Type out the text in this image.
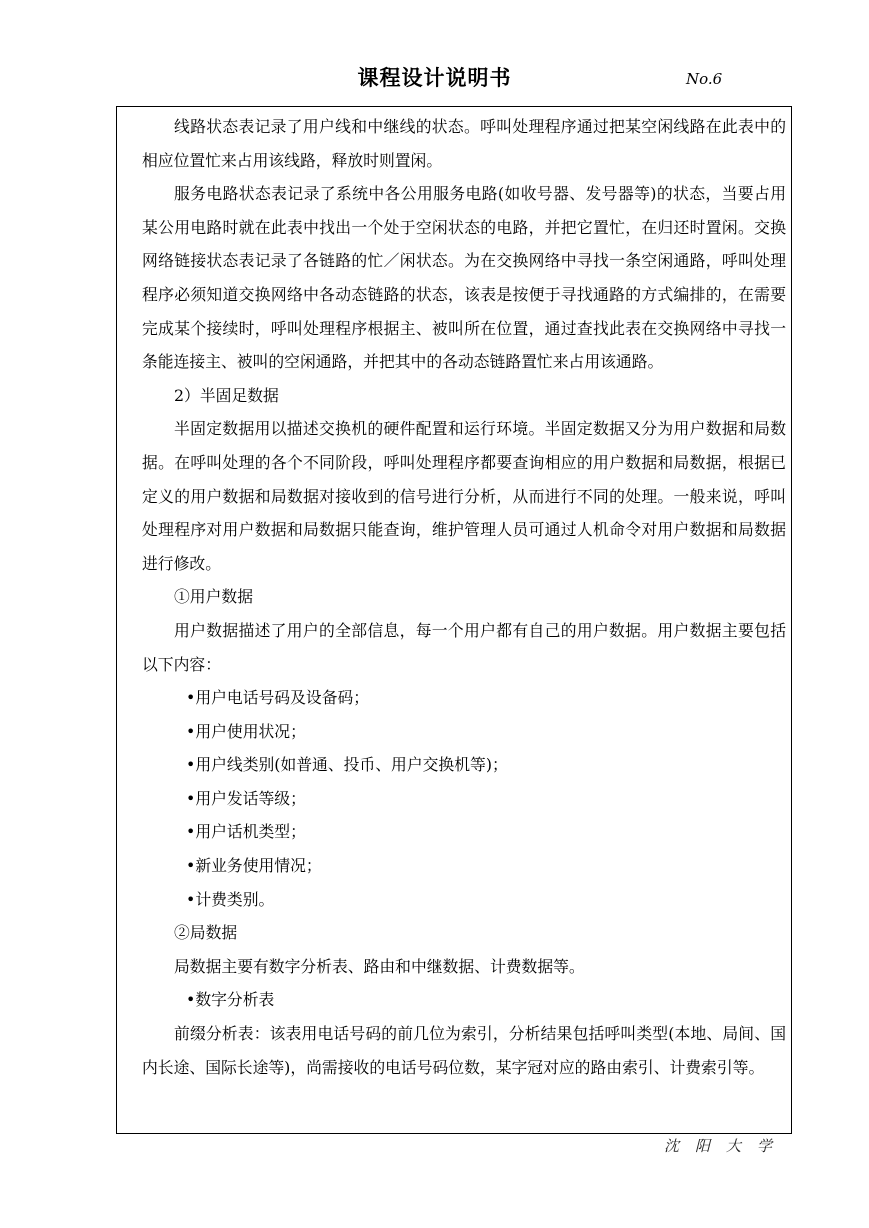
课程设计说明书	No.6

线路状态表记录了用户线和中继线的状态。呼叫处理程序通过把某空闲线路在此表中的相应位置忙来占用该线路，释放时则置闲。

服务电路状态表记录了系统中各公用服务电路(如收号器、发号器等)的状态，当要占用某公用电路时就在此表中找出一个处于空闲状态的电路，并把它置忙，在归还时置闲。交换网络链接状态表记录了各链路的忙／闲状态。为在交换网络中寻找一条空闲通路，呼叫处理程序必须知道交换网络中各动态链路的状态，该表是按便于寻找通路的方式编排的，在需要完成某个接续时，呼叫处理程序根据主、被叫所在位置，通过查找此表在交换网络中寻找一条能连接主、被叫的空闲通路，并把其中的各动态链路置忙来占用该通路。

2）半固足数据

半固定数据用以描述交换机的硬件配置和运行环境。半固定数据又分为用户数据和局数据。在呼叫处理的各个不同阶段，呼叫处理程序都要查询相应的用户数据和局数据，根据已定义的用户数据和局数据对接收到的信号进行分析，从而进行不同的处理。一般来说，呼叫处理程序对用户数据和局数据只能查询，维护管理人员可通过人机命令对用户数据和局数据进行修改。

①用户数据

用户数据描述了用户的全部信息，每一个用户都有自己的用户数据。用户数据主要包括以下内容：

•用户电话号码及设备码；

•用户使用状况；

•用户线类别(如普通、投币、用户交换机等)；

•用户发话等级；

•用户话机类型；

•新业务使用情况；

•计费类别。

②局数据

局数据主要有数字分析表、路由和中继数据、计费数据等。

•数字分析表

前缀分析表：该表用电话号码的前几位为索引，分析结果包括呼叫类型(本地、局间、国内长途、国际长途等)，尚需接收的电话号码位数，某字冠对应的路由索引、计费索引等。

沈阳大学
